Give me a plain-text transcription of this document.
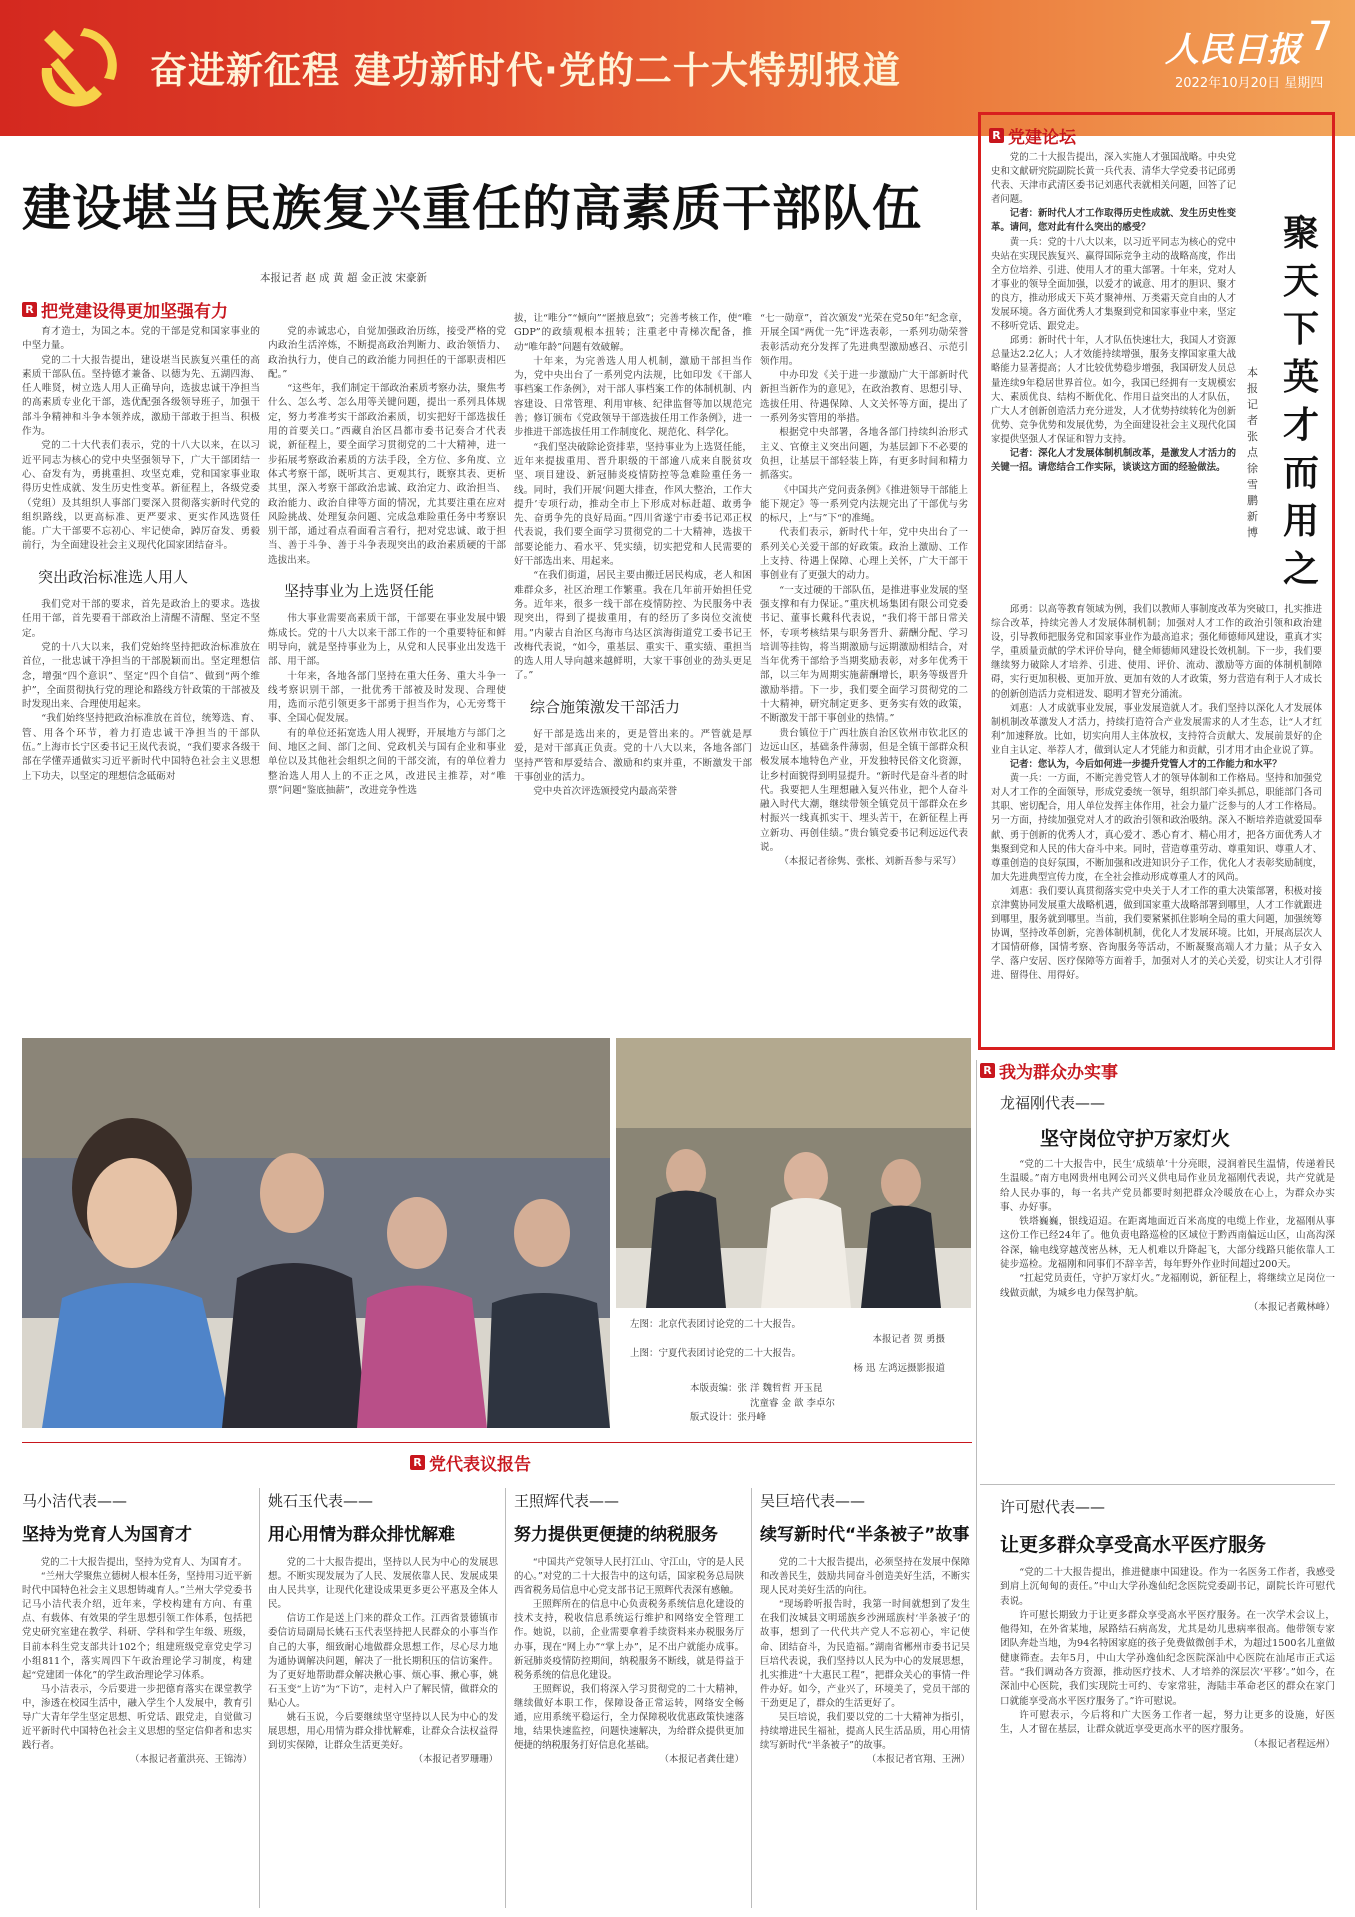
奋进新征程 建功新时代·党的二十大特别报道	人民日报 7
2022年10月20日 星期四
建设堪当民族复兴重任的高素质干部队伍
本报记者 赵 成 黄 超 金正波 宋豪新
R 把党建设得更加坚强有力

育才造士，为国之本。党的干部是党和国家事业的中坚力量。

党的二十大报告提出，建设堪当民族复兴重任的高素质干部队伍。坚持德才兼备、以德为先、五湖四海、任人唯贤，树立选人用人正确导向，选拔忠诚干净担当的高素质专业化干部，选优配强各级领导班子，加强干部斗争精神和斗争本领养成，激励干部敢于担当、积极作为。

党的二十大代表们表示，党的十八大以来，在以习近平同志为核心的党中央坚强领导下，广大干部团结一心、奋发有为，勇挑重担、攻坚克难，党和国家事业取得历史性成就、发生历史性变革。新征程上，各级党委（党组）及其组织人事部门要深入贯彻落实新时代党的组织路线，以更高标准、更严要求、更实作风选贤任能。广大干部要不忘初心、牢记使命，踔厉奋发、勇毅前行，为全面建设社会主义现代化国家团结奋斗。

突出政治标准选人用人

我们党对干部的要求，首先是政治上的要求。选拔任用干部，首先要看干部政治上清醒不清醒、坚定不坚定。

党的十八大以来，我们党始终坚持把政治标准放在首位，一批忠诚干净担当的干部脱颖而出。坚定理想信念，增强“四个意识”、坚定“四个自信”、做到“两个维护”，全面贯彻执行党的理论和路线方针政策的干部被及时发现出来、合理使用起来。

“我们始终坚持把政治标准放在首位，统筹选、育、管、用各个环节，着力打造忠诚干净担当的干部队伍。”上海市长宁区委书记王岚代表说，“我们要求各级干部在学懂弄通做实习近平新时代中国特色社会主义思想上下功夫，以坚定的理想信念砥砺对

党的赤诚忠心，自觉加强政治历练，接受严格的党内政治生活淬炼，不断提高政治判断力、政治领悟力、政治执行力，使自己的政治能力同担任的干部职责相匹配。”

“这些年，我们制定干部政治素质考察办法，聚焦考什么、怎么考、怎么用等关键问题，提出一系列具体规定，努力考准考实干部政治素质，切实把好干部选拔任用的首要关口。”西藏自治区昌都市委书记奏合才代表说，新征程上，要全面学习贯彻党的二十大精神，进一步拓展考察政治素质的方法手段，全方位、多角度、立体式考察干部，既听其言、更观其行，既察其表、更析其里，深入考察干部政治忠诚、政治定力、政治担当、政治能力、政治自律等方面的情况，尤其要注重在应对风险挑战、处理复杂问题、完成急难险重任务中考察识别干部，通过看点看面看言看行，把对党忠诚、敢于担当、善于斗争、善于斗争表现突出的政治素质硬的干部选拔出来。

坚持事业为上选贤任能

伟大事业需要高素质干部，干部要在事业发展中锻炼成长。党的十八大以来干部工作的一个重要特征和鲜明导向，就是坚持事业为上，从党和人民事业出发选干部、用干部。

十年来，各地各部门坚持在重大任务、重大斗争一线考察识别干部，一批优秀干部被及时发现、合理使用，选而示范引领更多干部勇于担当作为，心无旁骛干事、全国心促发展。

有的单位还拓宽选人用人视野，开展地方与部门之间、地区之间、部门之间、党政机关与国有企业和事业单位以及其他社会组织之间的干部交流，有的单位着力整治选人用人上的不正之风，改进民主推荐，对“唯票”问题“鉴底抽薪”，改进竞争性选

拔，让“唯分”“倾向”“匿掖息致”；完善考核工作，使“唯GDP”的政绩观根本扭转；注重老中青梯次配备，推动“唯年龄”问题有效破解。

十年来，为完善选人用人机制，激励干部担当作为，党中央出台了一系列党内法规，比如印发《干部人事档案工作条例》，对干部人事档案工作的体制机制、内容建设、日常管理、利用审核、纪律监督等加以规范完善；修订颁布《党政领导干部选拔任用工作条例》，进一步推进干部选拔任用工作制度化、规范化、科学化。

“我们坚决破除论资排辈，坚持事业为上选贤任能，近年来提拔重用、晋升职级的干部逾八成来自脱贫攻坚、项目建设、新冠肺炎疫情防控等急难险重任务一线。同时，我们开展‘问题大排查，作风大整治，工作大提升’专项行动，推动全市上下形成对标赶超、敢勇争先、奋勇争先的良好局面。”四川省遂宁市委书记邓正权代表说，我们要全面学习贯彻党的二十大精神，选拔干部要论能力、看水平、凭实绩，切实把党和人民需要的好干部选出来、用起来。

“在我们街道，居民主要由搬迁居民构成，老人和困难群众多，社区治理工作繁重。我在几年前开始担任党务。近年来，很多一线干部在疫情防控、为民服务中表现突出，得到了提拔重用，有的经历了多岗位交流使用。”内蒙古自治区乌海市乌达区滨海街道党工委书记王改梅代表说，“如今，重基层、重实干、重实绩、重担当的选人用人导向越来越鲜明，大家干事创业的劲头更足了。”

综合施策激发干部活力

好干部是选出来的，更是管出来的。严管就是厚爱，是对干部真正负责。党的十八大以来，各地各部门坚持严管和厚爱结合、激励和约束并重，不断激发干部干事创业的活力。

党中央首次评选颁授党内最高荣誉

“七一勋章”，首次颁发“光荣在党50年”纪念章，开展全国“两优一先”评选表彰，一系列功勋荣誉表彰活动充分发挥了先进典型激励感召、示范引领作用。

中办印发《关于进一步激励广大干部新时代新担当新作为的意见》，在政治教育、思想引导、选拔任用、待遇保障、人文关怀等方面，提出了一系列务实管用的举措。

根据党中央部署，各地各部门持续纠治形式主义、官僚主义突出问题，为基层卸下不必要的负担，让基层干部轻装上阵，有更多时间和精力抓落实。

《中国共产党问责条例》《推进领导干部能上能下规定》等一系列党内法规完出了干部优与劣的标尺，上“与”下“的准绳。

代表们表示，新时代十年，党中央出台了一系列关心关爱干部的好政策。政治上激励、工作上支持、待遇上保障、心理上关怀，广大干部干事创业有了更强大的动力。

“一支过硬的干部队伍，是推进事业发展的坚强支撑和有力保证。”重庆机场集团有限公司党委书记、董事长戴科代表说，“我们将干部日常关怀，专项考核结果与职务晋升、薪酬分配、学习培训等挂钩，将当期激励与远期激励相结合，对当年优秀干部给予当期奖励表彰，对多年优秀干部，以三年为周期实施薪酬增长，职务等级晋升激励举措。下一步，我们要全面学习贯彻党的二十大精神，研究制定更多、更务实有效的政策，不断激发干部干事创业的热情。”

贵台镇位于广西壮族自治区钦州市钦北区的边远山区，基础条件薄弱，但是全镇干部群众积极发展本地特色产业，开发独特民俗文化资源，让乡村面貌得到明显提升。“新时代是奋斗者的时代。我要把人生理想融入复兴伟业，把个人奋斗融入时代大潮，继续带领全镇党员干部群众在乡村振兴一线真抓实干、埋头苦干，在新征程上再立新功、再创佳绩。”贵台镇党委书记利远远代表说。

（本报记者徐隽、张枨、刘新吾参与采写）

R 党建论坛

党的二十大报告提出，深入实施人才强国战略。中央党史和文献研究院副院长黄一兵代表、清华大学党委书记邱勇代表、天津市武清区委书记刘惠代表就相关问题，回答了记者问题。

记者：新时代人才工作取得历史性成就、发生历史性变革。请问，您对此有什么突出的感受？

黄一兵：党的十八大以来，以习近平同志为核心的党中央站在实现民族复兴、赢得国际竞争主动的战略高度，作出全方位培养、引进、使用人才的重大部署。十年来，党对人才事业的领导全面加强，以爱才的诚意、用才的胆识、聚才的良方，推动形成天下英才聚神州、万类霜天竞自由的人才发展环境。各方面优秀人才集聚到党和国家事业中来，坚定不移听党话、跟党走。

邱勇：新时代十年，人才队伍快速壮大，我国人才资源总量达2.2亿人；人才效能持续增强，服务支撑国家重大战略能力显著提高；人才比较优势稳步增强，我国研发人员总量连续9年稳居世界首位。如今，我国已经拥有一支规模宏大、素质优良、结构不断优化、作用日益突出的人才队伍，广大人才创新创造活力充分迸发，人才优势持续转化为创新优势、竞争优势和发展优势，为全面建设社会主义现代化国家提供坚强人才保证和智力支持。

记者：深化人才发展体制机制改革，是激发人才活力的关键一招。请您结合工作实际，谈谈这方面的经验做法。

聚天下英才而用之
本报记者 张 点 徐雪鹏 新 博

邱勇：以高等教育领域为例，我们以教师人事制度改革为突破口，扎实推进综合改革，持续完善人才发展体制机制；加强对人才工作的政治引领和政治建设，引导教师把服务党和国家事业作为最高追求；强化师德师风建设，重真才实学，重质量贡献的学术评价导向，健全师德师风建设长效机制。下一步，我们要继续努力破除人才培养、引进、使用、评价、流动、激励等方面的体制机制障碍，实行更加积极、更加开放、更加有效的人才政策，努力营造有利于人才成长的创新创造活力竞相迸发、聪明才智充分涌流。

刘惠：人才成就事业发展，事业发展造就人才。我们坚持以深化人才发展体制机制改革激发人才活力，持续打造符合产业发展需求的人才生态，让“人才红利”加速释放。比如，切实向用人主体放权，支持符合贡献大、发展前景好的企业自主认定、举荐人才，做到认定人才凭能力和贡献，引才用才由企业说了算。

记者：您认为，今后如何进一步提升党管人才的工作能力和水平？

黄一兵：一方面，不断完善党管人才的领导体制和工作格局。坚持和加强党对人才工作的全面领导，形成党委统一领导，组织部门牵头抓总，职能部门各司其职、密切配合，用人单位发挥主体作用，社会力量广泛参与的人才工作格局。另一方面，持续加强党对人才的政治引领和政治吸纳。深入不断培养造就爱国奉献、勇于创新的优秀人才，真心爱才、悉心育才、精心用才，把各方面优秀人才集聚到党和人民的伟大奋斗中来。同时，营造尊重劳动、尊重知识、尊重人才、尊重创造的良好氛围，不断加强和改进知识分子工作，优化人才表彰奖励制度，加大先进典型宣传力度，在全社会推动形成尊重人才的风尚。

刘惠：我们要认真贯彻落实党中央关于人才工作的重大决策部署，积极对接京津冀协同发展重大战略机遇，做到国家重大战略部署到哪里，人才工作就跟进到哪里，服务就到哪里。当前，我们要紧紧抓住影响全局的重大问题，加强统筹协调，坚持改革创新，完善体制机制，优化人才发展环境。比如，开展高层次人才国情研修，国情考察、咨询服务等活动，不断凝聚高端人才力量；从子女入学、落户安居、医疗保障等方面着手，加强对人才的关心关爱，切实让人才引得进、留得住、用得好。

左图：北京代表团讨论党的二十大报告。
本报记者 贺 勇摄
上图：宁夏代表团讨论党的二十大报告。
杨 迅 左鸿远摄影报道
本版责编：张 洋 魏哲哲 开玉昆
沈童睿 金 歆 李卓尔
版式设计：张丹峰
R 我为群众办实事
龙福刚代表——
坚守岗位守护万家灯火

“党的二十大报告中，民生‘成绩单’十分亮眼，浸润着民生温情，传递着民生温暖。”南方电网贵州电网公司兴义供电局作业员龙福刚代表说，共产党就是给人民办事的，每一名共产党员都要时刻把群众冷暖放在心上，为群众办实事、办好事。

铁塔巍巍，银线迢迢。在距离地面近百米高度的电缆上作业，龙福刚从事这份工作已经24年了。他负责电路巡检的区域位于黔西南偏远山区，山高沟深谷深，输电线穿越茂密丛林，无人机难以升降起飞，大部分线路只能依靠人工徒步巡检。龙福刚和同事们不辞辛苦，每年野外作业时间超过200天。

“扛起党员责任，守护万家灯火。”龙福刚说，新征程上，将继续立足岗位一线做贡献，为城乡电力保驾护航。

（本报记者戴林峰）

许可慰代表——
让更多群众享受高水平医疗服务

“党的二十大报告提出，推进健康中国建设。作为一名医务工作者，我感受到肩上沉甸甸的责任。”中山大学孙逸仙纪念医院党委副书记，副院长许可慰代表说。

许可慰长期致力于让更多群众享受高水平医疗服务。在一次学术会议上，他得知，在外省某地，尿路结石病高发，尤其是幼儿患病率很高。他带领专家团队奔赴当地，为94名特困家庭的孩子免费做微创手术，为超过1500名儿童做健康筛查。去年5月，中山大学孙逸仙纪念医院深汕中心医院在汕尾市正式运营。“我们调动各方资源，推动医疗技术、人才培养的深层次‘平移’。”如今，在深汕中心医院，我们实现院士可约、专家常驻，海陆丰革命老区的群众在家门口就能享受高水平医疗服务了。”许可慰说。

许可慰表示，今后将和广大医务工作者一起，努力让更多的设施，好医生，人才留在基层，让群众就近享受更高水平的医疗服务。

（本报记者程远州）

R 党代表议报告
马小洁代表——
坚持为党育人为国育才

党的二十大报告提出，坚持为党育人、为国育才。

“兰州大学聚焦立德树人根本任务，坚持用习近平新时代中国特色社会主义思想铸魂育人。”兰州大学党委书记马小洁代表介绍，近年来，学校构建有方向、有重点、有载体、有效果的学生思想引领工作体系，包括把党史研究室建在教学、科研、学科和学生年级、班级，目前本科生党支部共计102个；组建班级党章党史学习小组811个，落实周四下午政治理论学习制度，构建起“党建团一体化”的学生政治理论学习体系。

马小洁表示，今后要进一步把德育落实在课堂教学中，渗透在校园生活中，融入学生个人发展中，教育引导广大青年学生坚定思想、听党话、跟党走，自觉做习近平新时代中国特色社会主义思想的坚定信仰者和忠实践行者。

（本报记者董洪亮、王锦涛）

姚石玉代表——
用心用情为群众排忧解难

党的二十大报告提出，坚持以人民为中心的发展思想。不断实现发展为了人民、发展依靠人民、发展成果由人民共享，让现代化建设成果更多更公平惠及全体人民。

信访工作是送上门来的群众工作。江西省景德镇市委信访局副局长姚石玉代表坚持把人民群众的小事当作自己的大事，细致耐心地做群众思想工作，尽心尽力地为通协调解决问题，解决了一批长期积压的信访案件。为了更好地帮助群众解决揪心事、烦心事、揪心事，姚石玉变“上访”为“下访”，走村入户了解民情，做群众的贴心人。

姚石玉说，今后要继续坚守坚持以人民为中心的发展思想，用心用情为群众排忧解难，让群众合法权益得到切实保障，让群众生活更美好。

（本报记者罗珊珊）

王照辉代表——
努力提供更便捷的纳税服务

“中国共产党领导人民打江山、守江山，守的是人民的心。”对党的二十大报告中的这句话，国家税务总局陕西省税务局信息中心党支部书记王照辉代表深有感触。

王照辉所在的信息中心负责税务系统信息化建设的技术支持，税收信息系统运行维护和网络安全管理工作。她说，以前，企业需要拿着手续资料来办税服务厅办事，现在“网上办”“掌上办”，足不出户就能办成事。新冠肺炎疫情防控期间，纳税服务不断线，就是得益于税务系统的信息化建设。

王照辉说，我们将深入学习贯彻党的二十大精神，继续做好本职工作，保障设备正常运转，网络安全畅通，应用系统平稳运行，全力保障税收优惠政策快速落地，结果快速监控，问题快速解决，为给群众提供更加便捷的纳税服务打好信息化基础。

（本报记者龚仕建）

吴巨培代表——
续写新时代“半条被子”故事

党的二十大报告提出，必须坚持在发展中保障和改善民生，鼓励共同奋斗创造美好生活，不断实现人民对美好生活的向往。

“现场聆听报告时，我第一时间就想到了发生在我们汝城县文明瑶族乡沙洲瑶族村‘半条被子’的故事，想到了一代代共产党人不忘初心，牢记使命、团结奋斗，为民造福。”湖南省郴州市委书记吴巨培代表说，我们坚持以人民为中心的发展思想，扎实推进“十大惠民工程”，把群众关心的事情一件件办好。如今，产业兴了，环境美了，党员干部的干劲更足了，群众的生活更好了。

吴巨培说，我们要以党的二十大精神为指引，持续增进民生福祉，提高人民生活品质，用心用情续写新时代“半条被子”的故事。

（本报记者官翔、王洲）
